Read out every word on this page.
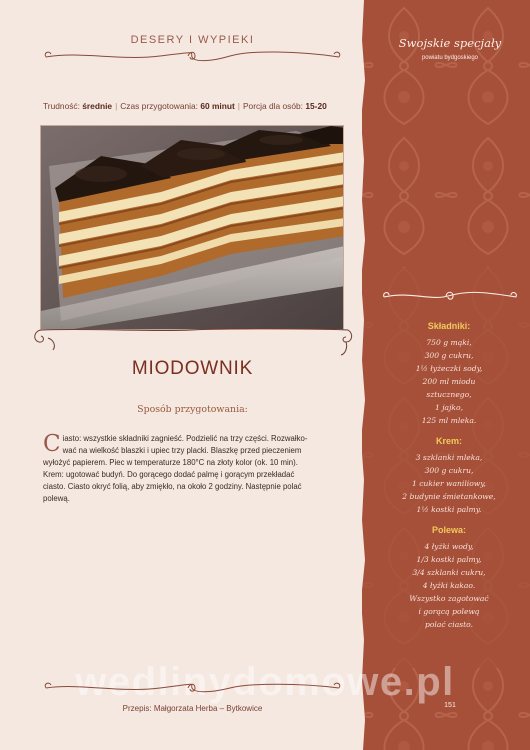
DESERY I WYPIEKI
Trudność: średnie | Czas przygotowania: 60 minut | Porcja dla osób: 15-20
MIODOWNIK
Sposób przygotowania:
C iasto: wszystkie składniki zagnieść. Podzielić na trzy części. Rozwałko-
wać na wielkość blaszki i upiec trzy placki. Blaszkę przed pieczeniem
wyłożyć papierem. Piec w temperaturze 180°C na złoty kolor (ok. 10 min).
Krem: ugotować budyń. Do gorącego dodać palmę i gorącym przekładać
ciasto. Ciasto okryć folią, aby zmiękło, na około 2 godziny. Następnie polać
polewą.
Swojskie specjały
powiatu bydgoskiego
Składniki:
750 g mąki,
300 g cukru,
1½ łyżeczki sody,
200 ml miodu
sztucznego,
1 jajko,
125 ml mleka.
Krem:
3 szklanki mleka,
300 g cukru,
1 cukier waniliowy,
2 budynie śmietankowe,
1½ kostki palmy.
Polewa:
4 łyżki wody,
1/3 kostki palmy,
3/4 szklanki cukru,
4 łyżki kakao.
Wszystko zagotować
i gorącą polewą
polać ciasto.
wedlinydomowe.pl
Przepis: Małgorzata Herba – Bytkowice	151
